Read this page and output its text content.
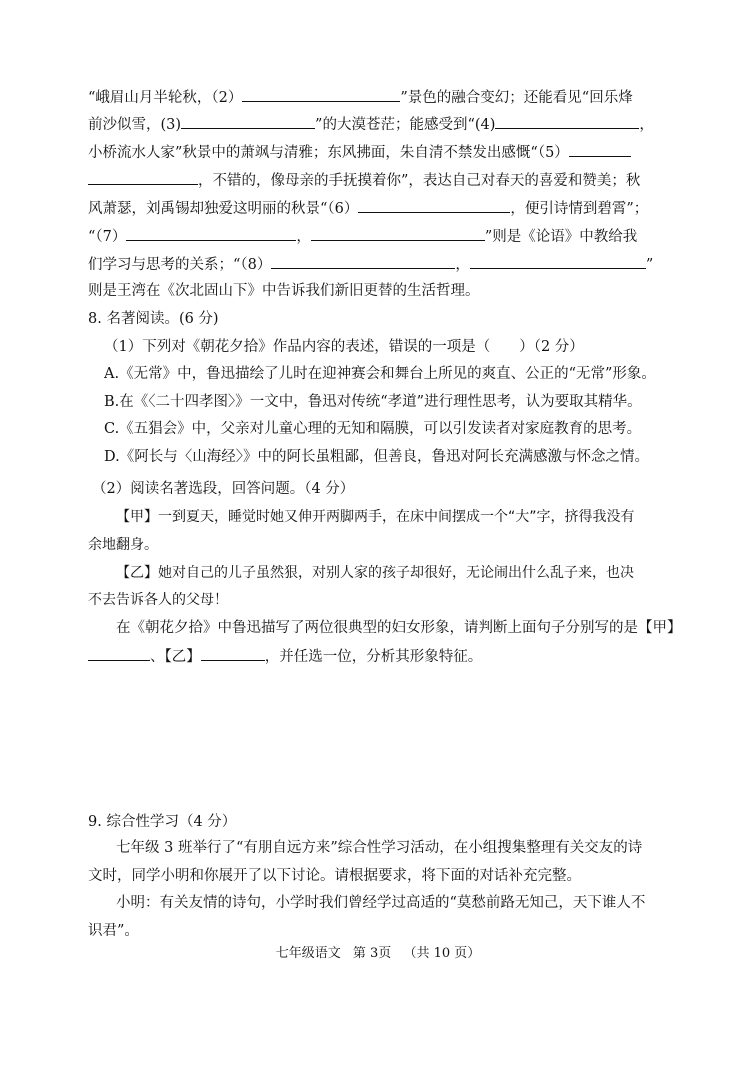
“峨眉山月半轮秋，（2）	”景色的融合变幻；还能看见“回乐烽
前沙似雪，(3)	”的大漠苍茫；能感受到“(4)	，
小桥流水人家”秋景中的萧飒与清雅；东风拂面，朱自清不禁发出感慨“（5）
，不错的，像母亲的手抚摸着你”，表达自己对春天的喜爱和赞美；秋
风萧瑟，刘禹锡却独爱这明丽的秋景“（6）	，便引诗情到碧霄”；
“（7）	，	”则是《论语》中教给我
们学习与思考的关系；“（8）	，	”
则是王湾在《次北固山下》中告诉我们新旧更替的生活哲理。
8. 名著阅读。(6 分)
（1）下列对《朝花夕拾》作品内容的表述，错误的一项是（　　）（2 分）
A.《无常》中，鲁迅描绘了儿时在迎神赛会和舞台上所见的爽直、公正的“无常”形象。
B.在《〈二十四孝图〉》一文中，鲁迅对传统“孝道”进行理性思考，认为要取其精华。
C.《五猖会》中，父亲对儿童心理的无知和隔膜，可以引发读者对家庭教育的思考。
D.《阿长与〈山海经〉》中的阿长虽粗鄙，但善良，鲁迅对阿长充满感激与怀念之情。
（2）阅读名著选段，回答问题。（4 分）
【甲】一到夏天，睡觉时她又伸开两脚两手，在床中间摆成一个“大”字，挤得我没有
余地翻身。
【乙】她对自己的儿子虽然狠，对别人家的孩子却很好，无论闹出什么乱子来，也决
不去告诉各人的父母！
在《朝花夕拾》中鲁迅描写了两位很典型的妇女形象，请判断上面句子分别写的是【甲】
、【乙】	，并任选一位，分析其形象特征。
9. 综合性学习（4 分）
七年级 3 班举行了“有朋自远方来”综合性学习活动，在小组搜集整理有关交友的诗
文时，同学小明和你展开了以下讨论。请根据要求，将下面的对话补充完整。
小明：有关友情的诗句，小学时我们曾经学过高适的“莫愁前路无知己，天下谁人不
识君”。
七年级语文 第 3页 （共 10 页）
